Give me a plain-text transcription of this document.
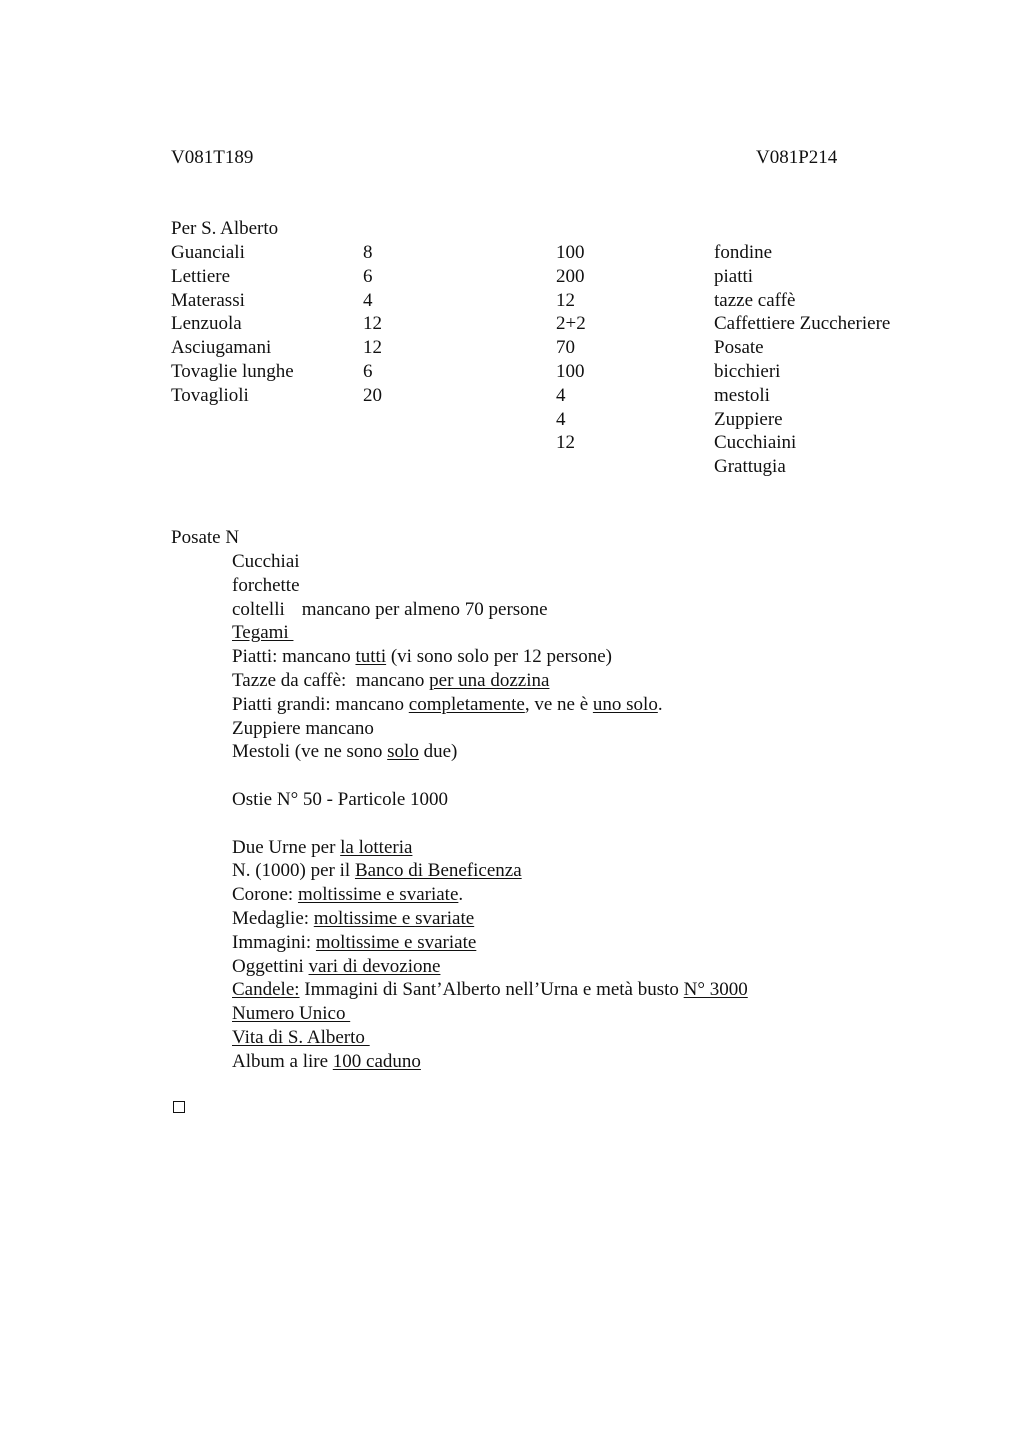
V081T189	V081P214
Per S. Alberto
Guanciali
Lettiere
Materassi
Lenzuola
Asciugamani
Tovaglie lunghe
Tovaglioli
8
6
4
12
12
6
20
100
200
12
2+2
70
100
4
4
12
fondine
piatti
tazze caffè
Caffettiere Zuccheriere
Posate
bicchieri
mestoli
Zuppiere
Cucchiaini
Grattugia
Posate N
Cucchiai
forchette
coltelli mancano per almeno 70 persone
Tegami
Piatti: mancano tutti (vi sono solo per 12 persone)
Tazze da caffè:  mancano per una dozzina
Piatti grandi: mancano completamente, ve ne è uno solo.
Zuppiere mancano
Mestoli (ve ne sono solo due)
Ostie N° 50 - Particole 1000
Due Urne per la lotteria
N. (1000) per il Banco di Beneficenza
Corone: moltissime e svariate.
Medaglie: moltissime e svariate
Immagini: moltissime e svariate
Oggettini vari di devozione
Candele: Immagini di Sant’Alberto nell’Urna e metà busto N° 3000
Numero Unico
Vita di S. Alberto
Album a lire 100 caduno
